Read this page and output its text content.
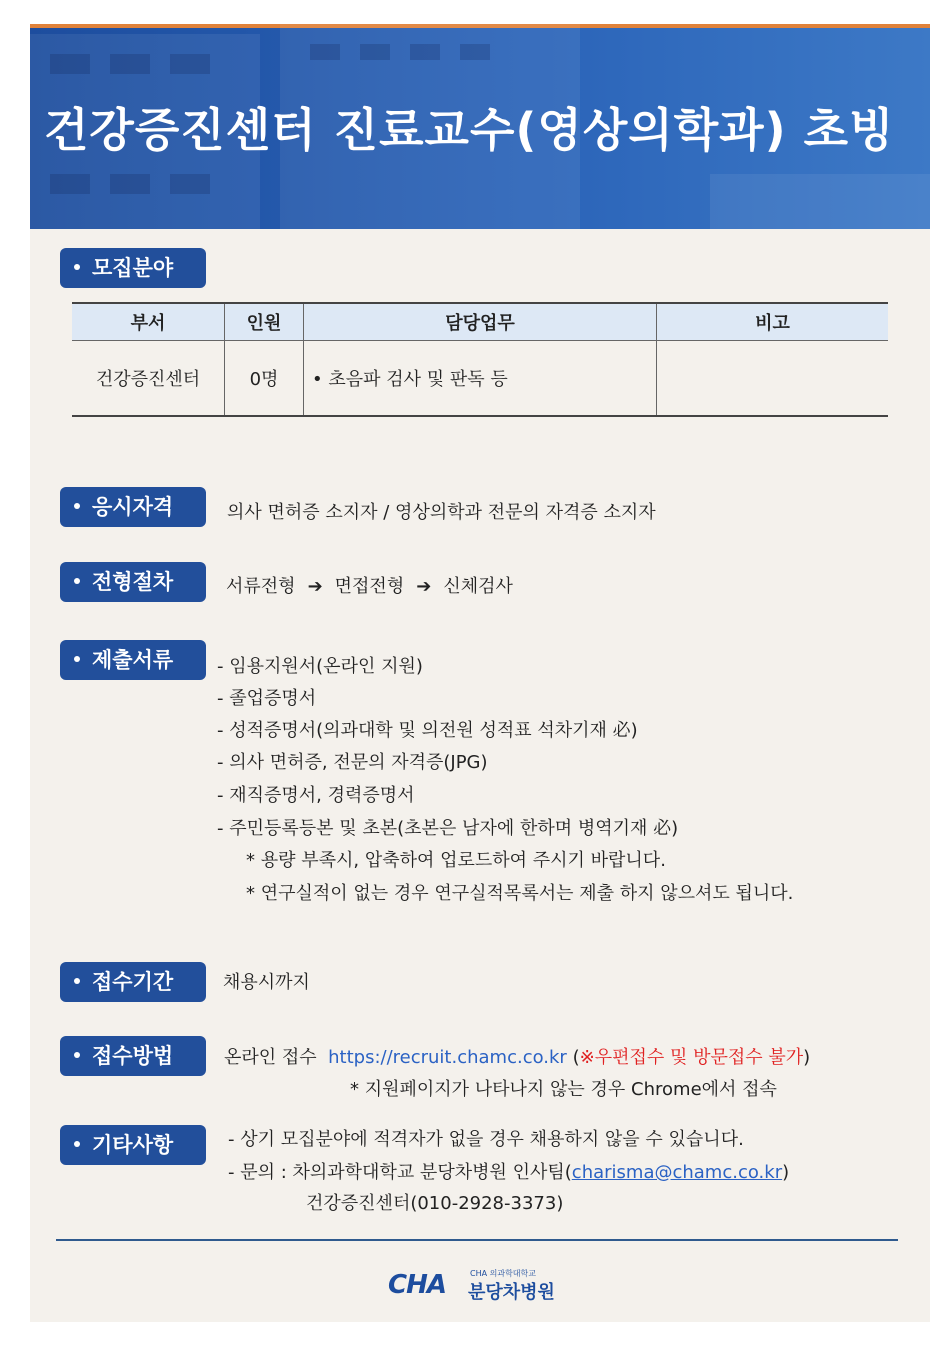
건강증진센터 진료교수(영상의학과) 초빙
모집분야
부서	인원	담당업무	비고
건강증진센터	0명	• 초음파 검사 및 판독 등	
응시자격	의사 면허증 소지자 / 영상의학과 전문의 자격증 소지자
전형절차	서류전형 ➔ 면접전형 ➔ 신체검사
제출서류	- 임용지원서(온라인 지원)
- 졸업증명서
- 성적증명서(의과대학 및 의전원 성적표 석차기재 必)
- 의사 면허증, 전문의 자격증(JPG)
- 재직증명서, 경력증명서
- 주민등록등본 및 초본(초본은 남자에 한하며 병역기재 必)
* 용량 부족시, 압축하여 업로드하여 주시기 바랍니다.
* 연구실적이 없는 경우 연구실적목록서는 제출 하지 않으셔도 됩니다.
접수기간	채용시까지
접수방법	온라인 접수 https://recruit.chamc.co.kr (※우편접수 및 방문접수 불가)
* 지원페이지가 나타나지 않는 경우 Chrome에서 접속
기타사항	- 상기 모집분야에 적격자가 없을 경우 채용하지 않을 수 있습니다.
- 문의 : 차의과학대학교 분당차병원 인사팀(charisma@chamc.co.kr)
건강증진센터(010-2928-3373)
CHA	CHA 의과학대학교
분당차병원
